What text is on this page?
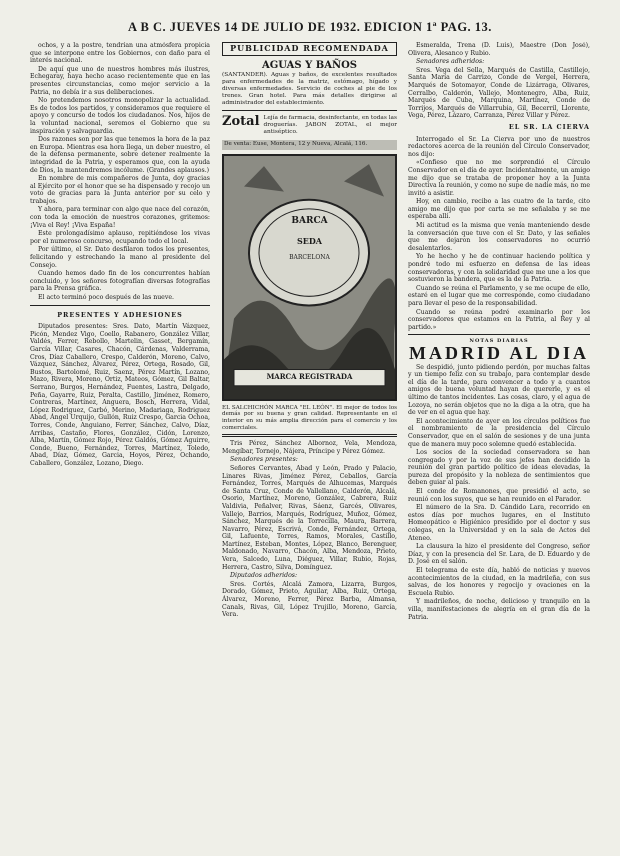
A B C. JUEVES 14 DE JULIO DE 1932. EDICION 1ª PAG. 13.

ochos, y a la postre, tendrían una atmósfera propicia que se interpone entre los Gobiernos, con daño para el interés nacional.

De aquí que uno de nuestros hombres más ilustres, Echegaray, haya hecho acaso recientemente que en las presentes circunstancias, como mejor servicio a la Patria, no debía ir a sus deliberaciones.

No pretendemos nosotros monopolizar la actualidad. Es de todos los partidos, y consideramos que requiere el apoyo y concurso de todos los ciudadanos. Nos, hijos de la voluntad nacional, seremos el Gobierno que su inspiración y salvaguardia.

Dos razones son por las que tenemos la hora de la paz en Europa. Mientras esa hora llega, un deber nuestro, el de la defensa permanente, sobre detener realmente la integridad de la Patria, y esperamos que, con la ayuda de Dios, la mantendremos incólume. (Grandes aplausos.)

En nombre de mis compañeros de Junta, doy gracias al Ejército por el honor que se ha dispensado y recojo un voto de gracias para la Junta anterior por su celo y trabajos.

Y ahora, para terminar con algo que nace del corazón, con toda la emoción de nuestros corazones, gritemos: ¡Viva el Rey! ¡Viva España!

Este prolongadísimo aplauso, repitiéndose los vivas por el numeroso concurso, ocupando todo el local.

Por último, el Sr. Dato desfilaron todos los presentes, felicitando y estrechando la mano al presidente del Consejo.

Cuando hemos dado fin de los concurrentes habían concluido, y los señores fotografían diversas fotografías para la Prensa gráfica.

El acto terminó poco después de las nueve.

PRESENTES Y ADHESIONES

Diputados presentes: Sres. Dato, Martín Vázquez, Picón, Mendez Vigo, Coello, Rabanero, González Villar, Valdés, Ferrer, Rebollo, Martelin, Gasset, Bergamín, García Villar, Casares, Chacón, Cárdenas, Valderrama, Cros, Díaz Caballero, Crespo, Calderón, Moreno, Calvo, Vázquez, Sánchez, Álvarez, Pérez, Ortega, Rosado, Gil, Bustos, Bartolomé, Ruiz, Saenz, Pérez Martín, Lozano, Mazo, Rivera, Moreno, Ortiz, Mateos, Gómez, Gil Baltar, Serrano, Burgos, Hernández, Fuentes, Lastra, Delgado, Peña, Gayarre, Ruiz, Peralta, Castillo, Jiménez, Romero, Contreras, Martínez, Anguera, Bosch, Herrera, Vidal, López Rodriguez, Carbó, Merino, Madariaga, Rodriguez Abad, Ángel Urquijo, Gullón, Ruiz Crespo, Garcia Ochoa, Torres, Conde, Anguiano, Ferrer, Sánchez, Calvo, Díaz, Arribas, Castaño, Flores, González, Cidón, Lorenzo, Alba, Martín, Gómez Rojo, Pérez Galdós, Gómez Aguirre, Conde, Bueno, Fernández, Torres, Martínez, Toledo, Abad, Díaz, Gómez, Garcia, Hoyos, Pérez, Ochando, Caballero, González, Lozano, Diego.

PUBLICIDAD RECOMENDADA
AGUAS Y BAÑOS
(SANTANDER). Aguas y baños, de excelentes resultados para enfermedades de la matriz, estómago, hígado y diversas enfermedades. Servicio de coches al pie de los trenes. Gran hotel. Para más detalles dirigirse al administrador del establecimiento.
Zotal Lejía de farmacia, desinfectante, en todas las droguerías. JABON ZOTAL, el mejor antiséptico.
De venta: Euse, Montera, 12 y Nueva, Alcalá, 116.
BARCA
SEDA
BARCELONA
MARCA REGISTRADA
EL SALCHICHÓN MARCA "EL LEÓN". El mejor de todos los demás por su buena y gran calidad. Representante en el interior en su más amplia dirección para el comercio y los comerciales.

Tris Pérez, Sánchez Albornoz, Vela, Mendoza, Mengíbar, Tornejo, Nájera, Príncipe y Pérez Gómez.

Senadores presentes:

Señores Cervantes, Abad y León, Prado y Palacio, Linares Rivas, Jiménez Pérez, Ceballos, García Fernández, Torres, Marqués de Alhucemas, Marqués de Santa Cruz, Conde de Vallellano, Calderón, Alcalá, Osorio, Martínez, Moreno, González, Cabrera, Ruiz Valdivia, Peñalver, Rivas, Sáenz, Garcés, Olivares, Vallejo, Barrios, Marqués, Rodríguez, Muñoz, Gómez, Sánchez, Marqués de la Torrecilla, Maura, Barrera, Navarro, Pérez, Escrivá, Conde, Fernández, Ortega, Gil, Lafuente, Torres, Ramos, Morales, Castillo, Martínez, Esteban, Montes, López, Blanco, Berenguer, Maldonado, Navarro, Chacón, Alba, Mendoza, Prieto, Vera, Salcedo, Luna, Diéguez, Villar, Rubio, Rojas, Herrera, Castro, Silva, Domínguez.

Diputados adheridos:

Sres. Cortés, Alcalá Zamora, Lizarra, Burgos, Dorado, Gómez, Prieto, Aguilar, Alba, Ruiz, Ortega, Álvarez, Moreno, Ferrer, Pérez Barba, Almansa, Canals, Rivas, Gil, López Trujillo, Moreno, García, Vera.

Esmeralda, Trena (D. Luis), Maestre (Don José), Olivera, Alesanco y Rubio.

Senadores adheridos:

Sres. Vega del Sella, Marqués de Castilla, Castillejo, Santa María de Carrizo, Conde de Vergel, Herrera, Marqués de Sotomayor, Conde de Lizárraga, Olivares, Cerralbo, Calderón, Vallejo, Montenegro, Alba, Ruiz, Marqués de Cuba, Marquina, Martínez, Conde de Torrijos, Marqués de Villarrubia, Gil, Becerril, Llorente, Vega, Pérez, Lázaro, Carranza, Pérez Villar y Pérez.

EL SR. LA CIERVA

Interrogado el Sr. La Cierva por uno de nuestros redactores acerca de la reunión del Círculo Conservador, nos dijo:

«Confieso que no me sorprendió el Círculo Conservador en el día de ayer. Incidentalmente, un amigo me dijo que se trataba de proponer hoy a la Junta Directiva la reunión, y como no supe de nadie más, no me invitó a asistir.

Hoy, en cambio, recibo a las cuatro de la tarde, cito amigo me dijo que por carta se me señalaba y se me esperaba allí.

Mi actitud es la misma que venía manteniendo desde la conversación que tuve con el Sr. Dato, y las señales que me dejaron los conservadores no ocurrió desalentarlos.

Yo he hecho y he de continuar haciendo política y pondré todo mi esfuerzo en defensa de las ideas conservadoras, y con la solidaridad que me une a los que sostuvieron la bandera, que es la de la Patria.

Cuando se reúna el Parlamento, y se me ocupe de ello, estaré en el lugar que me corresponde, como ciudadano para llevar el peso de la responsabilidad.

Cuando se reúna podré examinarlo por los conservadores que estamos en la Patria, al Rey y al partido.»

NOTAS DIARIAS
MADRID AL DIA

Se despidió, junto pidiendo perdón, por muchas faltas y un tiempo feliz con su trabajo, para contemplar desde el día de la tarde, para convencer a todo y a cuantos amigos de buena voluntad hayan de quererle, y es el último de tantos incidentes. Las cosas, claro, y el agua de Lozoya, no serán objetos que no la diga a la otra, que ha de ver en el agua que hay.

El acontecimiento de ayer en los círculos políticos fue el nombramiento de la presidencia del Círculo Conservador, que en el salón de sesiones y de una junta que de manera muy poco solemne quedó establecida.

Los socios de la sociedad conservadora se han congregado y por la voz de sus jefes han decidido la reunión del gran partido político de ideas elevadas, la pureza del propósito y la nobleza de sentimientos que deben guiar al país.

El conde de Romanones, que presidió el acto, se reunió con los suyos, que se han reunido en el Parador.

El número de la Sra. D. Cándido Lara, recorrido en estos días por muchos lugares, en el Instituto Homeopático e Higiénico presidido por el doctor y sus colegas, en la Universidad y en la sala de Actos del Ateneo.

La clausura la hizo el presidente del Congreso, señor Díaz, y con la presencia del Sr. Lara, de D. Eduardo y de D. José en el salón.

El telegrama de este día, habló de noticias y nuevos acontecimientos de la ciudad, en la madrileña, con sus salvas, de los honores y regocijo y ovaciones en la Escuela Rubio.

Y madrileños, de noche, delicioso y tranquilo en la villa, manifestaciones de alegría en el gran día de la Patria.
